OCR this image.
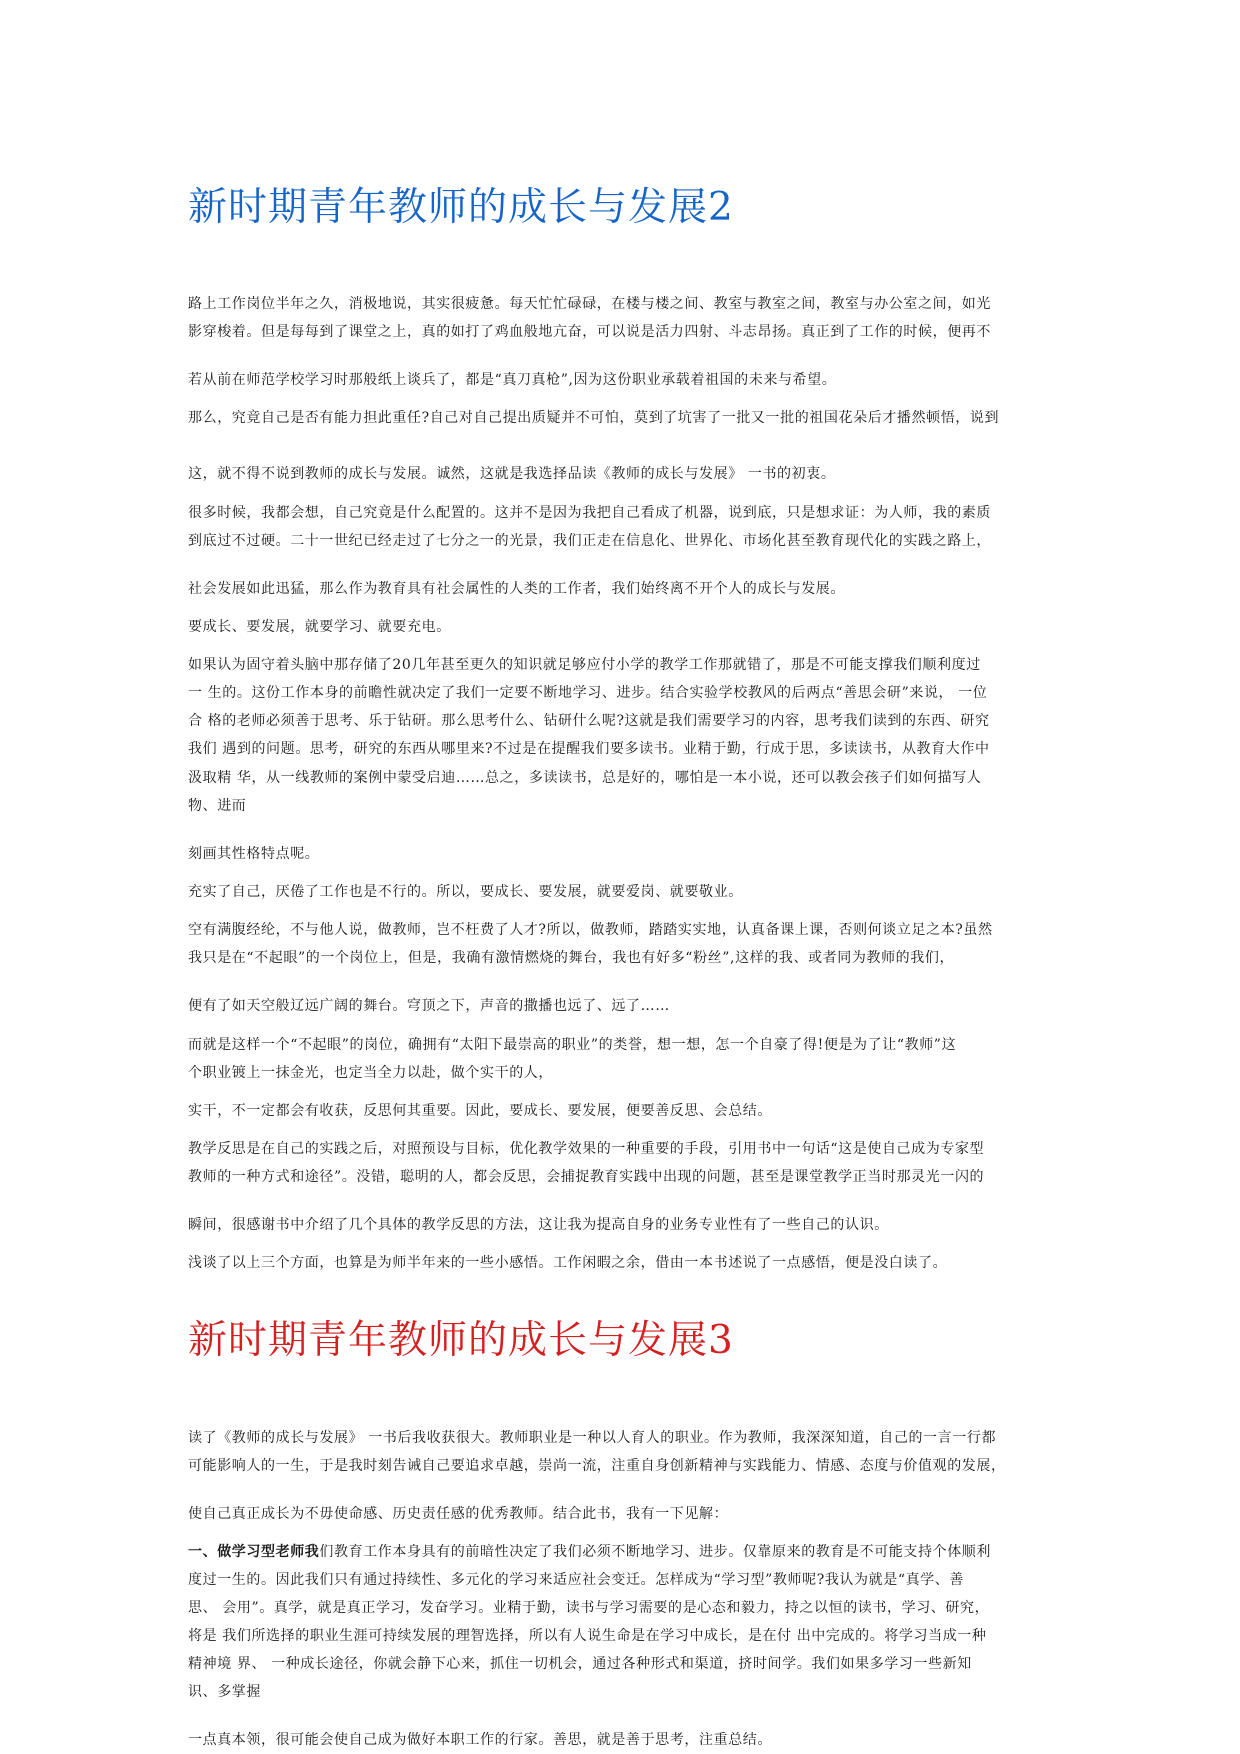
新时期青年教师的成长与发展2
路上工作岗位半年之久，消极地说，其实很疲惫。每天忙忙碌碌，在楼与楼之间、教室与教室之间，教室与办公室之间，如光
影穿梭着。但是每每到了课堂之上，真的如打了鸡血般地亢奋，可以说是活力四射、斗志昂扬。真正到了工作的时候，便再不
若从前在师范学校学习时那般纸上谈兵了，都是“真刀真枪”,因为这份职业承载着祖国的未来与希望。
那么，究竟自己是否有能力担此重任?自己对自己提出质疑并不可怕，莫到了坑害了一批又一批的祖国花朵后才播然顿悟，说到
这，就不得不说到教师的成长与发展。诚然，这就是我选择品读《教师的成长与发展》 一书的初衷。
很多时候，我都会想，自己究竟是什么配置的。这并不是因为我把自己看成了机器，说到底，只是想求证：为人师，我的素质
到底过不过硬。二十一世纪已经走过了七分之一的光景，我们正走在信息化、世界化、市场化甚至教育现代化的实践之路上，
社会发展如此迅猛，那么作为教育具有社会属性的人类的工作者，我们始终离不开个人的成长与发展。
要成长、要发展，就要学习、就要充电。
如果认为固守着头脑中那存储了20几年甚至更久的知识就足够应付小学的教学工作那就错了，那是不可能支撑我们顺利度过
一 生的。这份工作本身的前瞻性就决定了我们一定要不断地学习、进步。结合实验学校教风的后两点“善思会研”来说， 一位
合 格的老师必须善于思考、乐于钻研。那么思考什么、钻研什么呢?这就是我们需要学习的内容，思考我们读到的东西、研究
我们 遇到的问题。思考，研究的东西从哪里来?不过是在提醒我们要多读书。业精于勤，行成于思，多读读书，从教育大作中
汲取精 华，从一线教师的案例中蒙受启迪……总之，多读读书，总是好的，哪怕是一本小说，还可以教会孩子们如何描写人
物、进而
刻画其性格特点呢。
充实了自己，厌倦了工作也是不行的。所以，要成长、要发展，就要爱岗、就要敬业。
空有满腹经纶，不与他人说，做教师，岂不枉费了人才?所以，做教师，踏踏实实地，认真备课上课，否则何谈立足之本?虽然
我只是在“不起眼”的一个岗位上，但是，我确有激情燃烧的舞台，我也有好多“粉丝”,这样的我、或者同为教师的我们，
便有了如天空般辽远广阔的舞台。穹顶之下，声音的撒播也远了、远了……
而就是这样一个“不起眼”的岗位，确拥有“太阳下最崇高的职业”的类誉，想一想，怎一个自豪了得!便是为了让“教师”这
个职业镀上一抹金光，也定当全力以赴，做个实干的人，
实干，不一定都会有收获，反思何其重要。因此，要成长、要发展，便要善反思、会总结。
教学反思是在自己的实践之后，对照预设与目标，优化教学效果的一种重要的手段，引用书中一句话“这是使自己成为专家型
教师的一种方式和途径”。没错，聪明的人，都会反思，会捕捉教育实践中出现的问题，甚至是课堂教学正当时那灵光一闪的
瞬间，很感谢书中介绍了几个具体的教学反思的方法，这让我为提高自身的业务专业性有了一些自己的认识。
浅谈了以上三个方面，也算是为师半年来的一些小感悟。工作闲暇之余，借由一本书述说了一点感悟，便是没白读了。
新时期青年教师的成长与发展3
读了《教师的成长与发展》 一书后我收获很大。教师职业是一种以人育人的职业。作为教师，我深深知道，自己的一言一行都
可能影响人的一生，于是我时刻告诫自己要追求卓越，崇尚一流，注重自身创新精神与实践能力、情感、态度与价值观的发展，
使自己真正成长为不毋使命感、历史责任感的优秀教师。结合此书，我有一下见解：
一、做学习型老师我们教育工作本身具有的前暗性决定了我们必须不断地学习、进步。仅靠原来的教育是不可能支持个体顺利
度过一生的。因此我们只有通过持续性、多元化的学习来适应社会变迁。怎样成为“学习型”教师呢?我认为就是“真学、善
思、 会用”。真学，就是真正学习，发奋学习。业精于勤，读书与学习需要的是心态和毅力，持之以恒的读书，学习、研究，
将是 我们所选择的职业生涯可持续发展的理智选择，所以有人说生命是在学习中成长，是在付 出中完成的。将学习当成一种
精神境 界、 一种成长途径，你就会静下心来，抓住一切机会，通过各种形式和渠道，挤时间学。我们如果多学习一些新知
识、多掌握
一点真本领，很可能会使自己成为做好本职工作的行家。善思，就是善于思考，注重总结。
